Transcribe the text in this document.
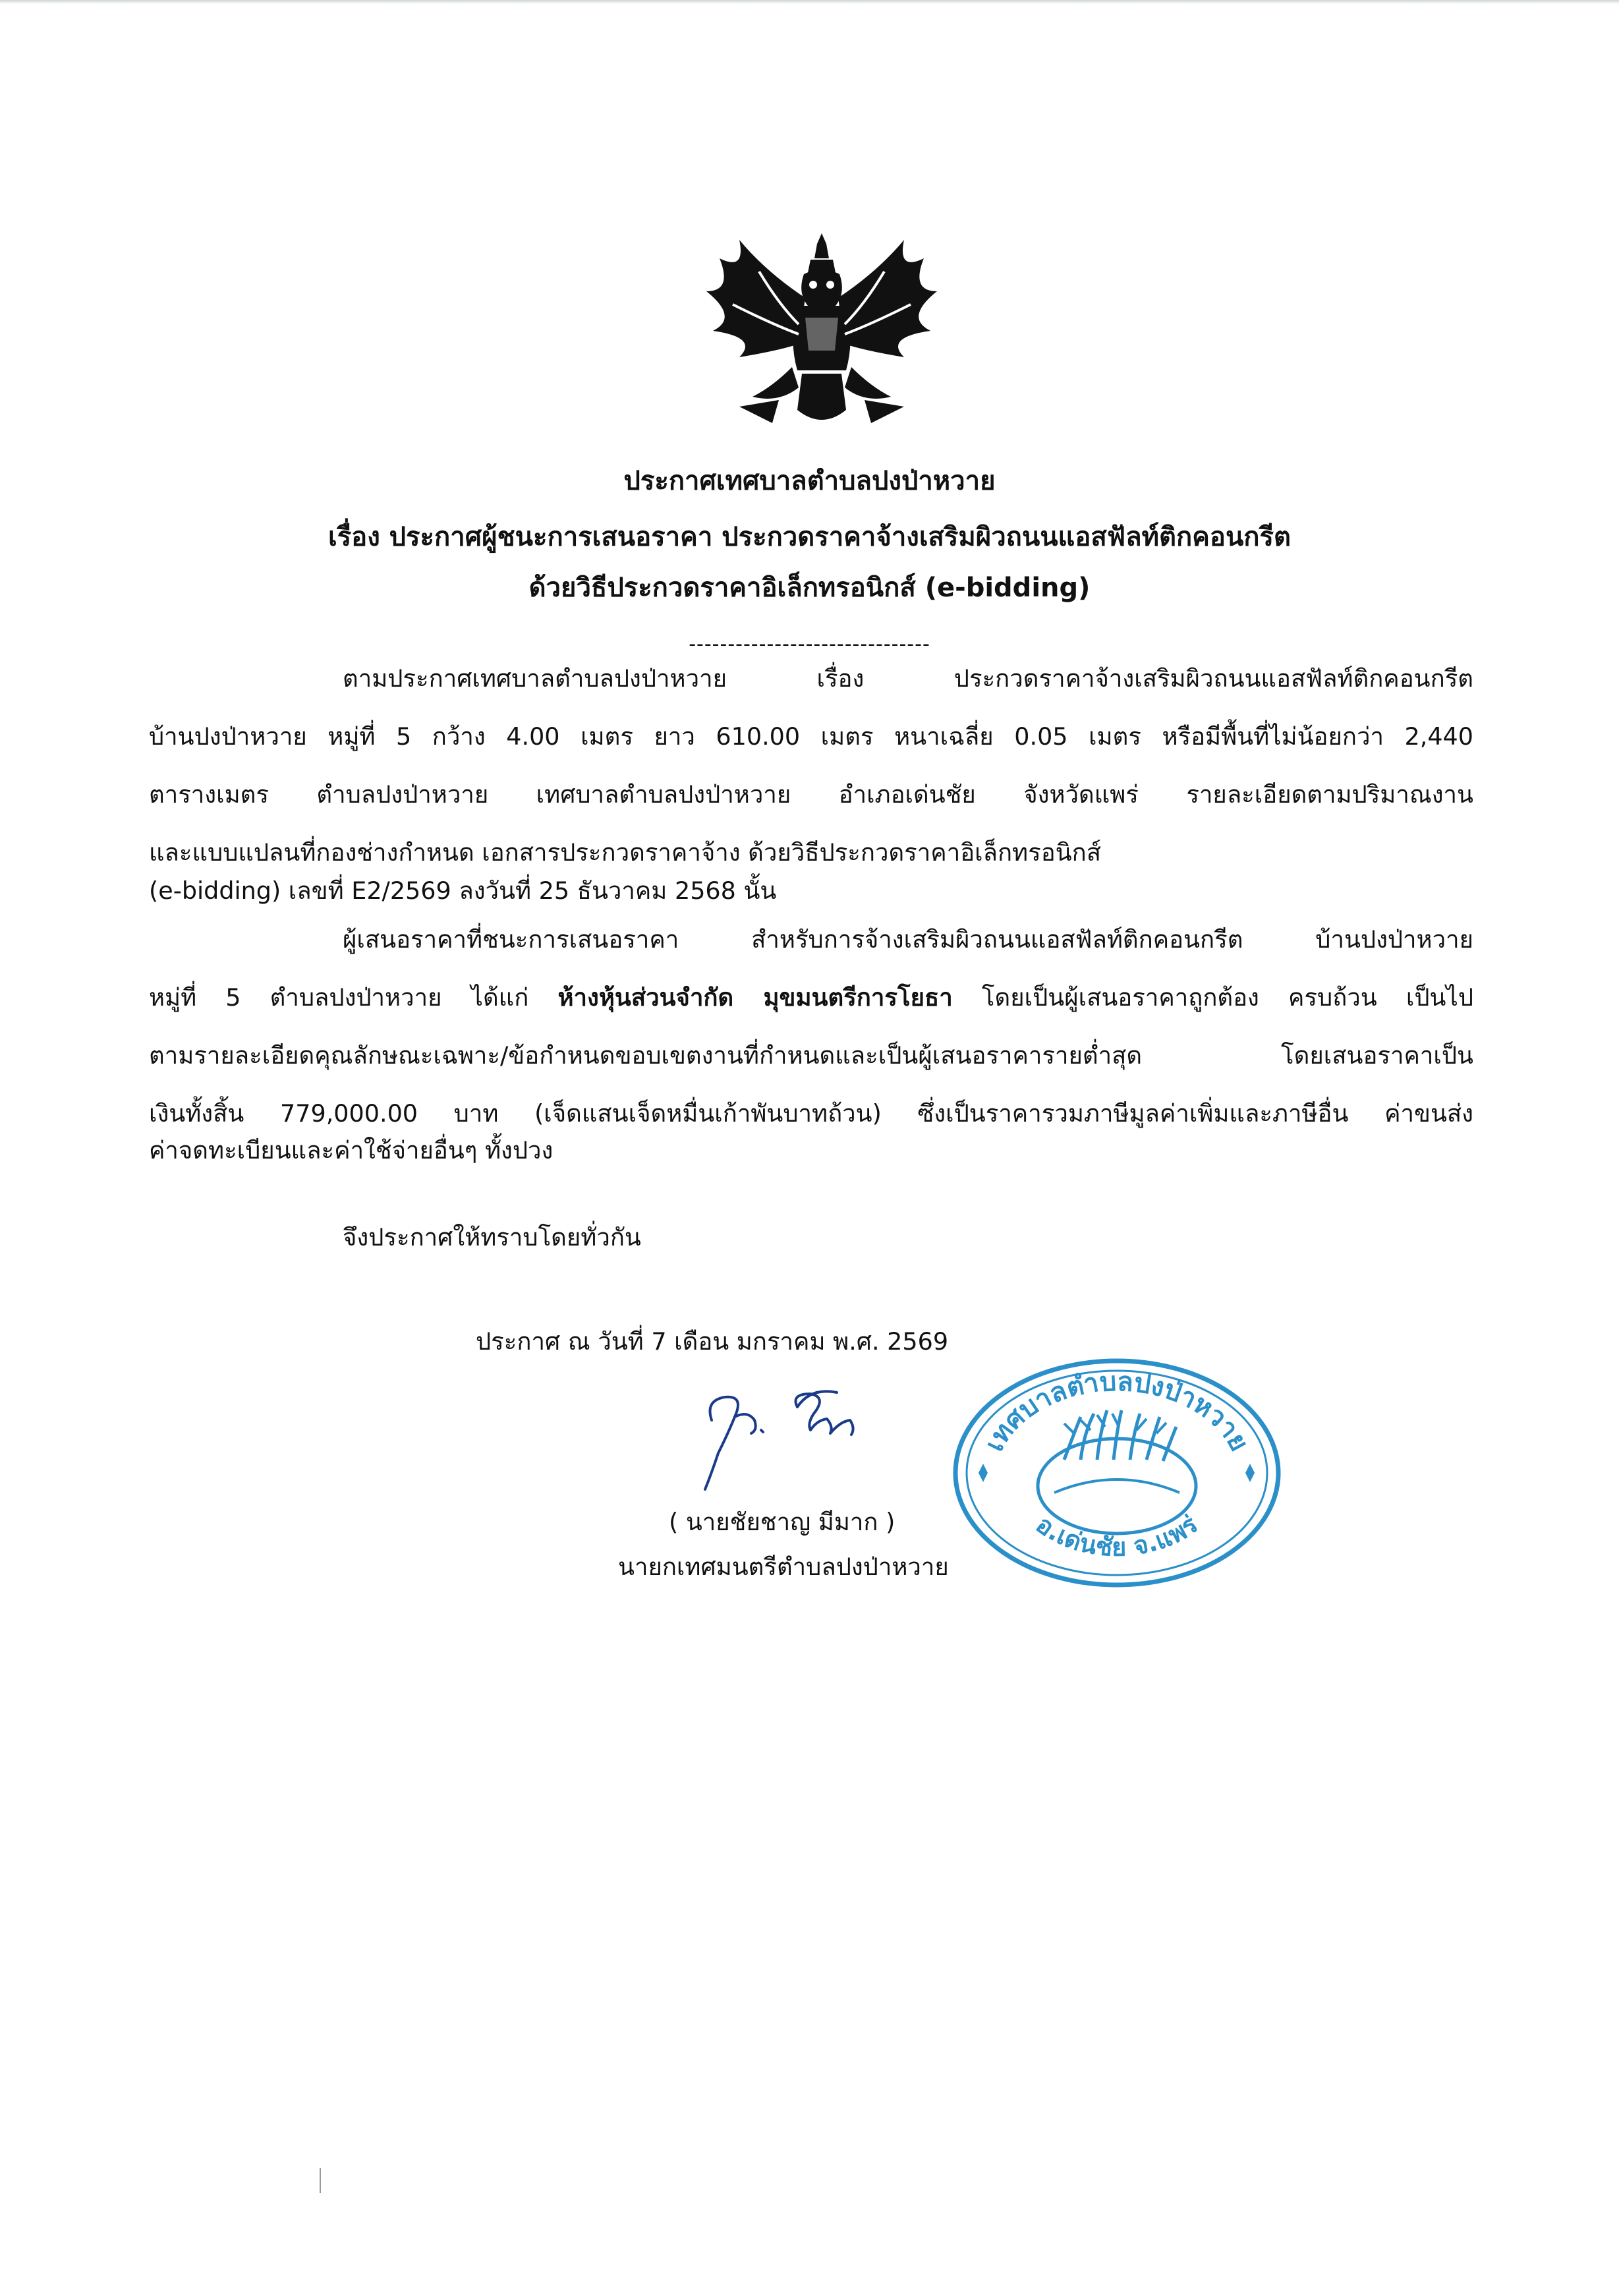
ประกาศเทศบาลตำบลปงป่าหวาย
เรื่อง ประกาศผู้ชนะการเสนอราคา ประกวดราคาจ้างเสริมผิวถนนแอสฟัลท์ติกคอนกรีต
ด้วยวิธีประกวดราคาอิเล็กทรอนิกส์ (e-bidding)
-------------------------------
ตามประกาศเทศบาลตำบลปงป่าหวาย เรื่อง ประกวดราคาจ้างเสริมผิวถนนแอสฟัลท์ติกคอนกรีต
บ้านปงป่าหวาย หมู่ที่ 5 กว้าง 4.00 เมตร ยาว 610.00 เมตร หนาเฉลี่ย 0.05 เมตร หรือมีพื้นที่ไม่น้อยกว่า 2,440
ตารางเมตร ตำบลปงป่าหวาย เทศบาลตำบลปงป่าหวาย อำเภอเด่นชัย จังหวัดแพร่ รายละเอียดตามปริมาณงาน
และแบบแปลนที่กองช่างกำหนด เอกสารประกวดราคาจ้าง ด้วยวิธีประกวดราคาอิเล็กทรอนิกส์
(e-bidding) เลขที่ E2/2569 ลงวันที่ 25 ธันวาคม 2568 นั้น
ผู้เสนอราคาที่ชนะการเสนอราคา สำหรับการจ้างเสริมผิวถนนแอสฟัลท์ติกคอนกรีต บ้านปงป่าหวาย
หมู่ที่ 5 ตำบลปงป่าหวาย ได้แก่ ห้างหุ้นส่วนจำกัด มุขมนตรีการโยธา โดยเป็นผู้เสนอราคาถูกต้อง ครบถ้วน เป็นไป
ตามรายละเอียดคุณลักษณะเฉพาะ/ข้อกำหนดขอบเขตงานที่กำหนดและเป็นผู้เสนอราคารายต่ำสุด โดยเสนอราคาเป็น
เงินทั้งสิ้น 779,000.00 บาท (เจ็ดแสนเจ็ดหมื่นเก้าพันบาทถ้วน) ซึ่งเป็นราคารวมภาษีมูลค่าเพิ่มและภาษีอื่น ค่าขนส่ง
ค่าจดทะเบียนและค่าใช้จ่ายอื่นๆ ทั้งปวง
จึงประกาศให้ทราบโดยทั่วกัน
ประกาศ ณ วันที่ 7 เดือน มกราคม พ.ศ. 2569
( นายชัยชาญ มีมาก )
นายกเทศมนตรีตำบลปงป่าหวาย
เทศบาลตำบลปงป่าหวาย
อ.เด่นชัย จ.แพร่
